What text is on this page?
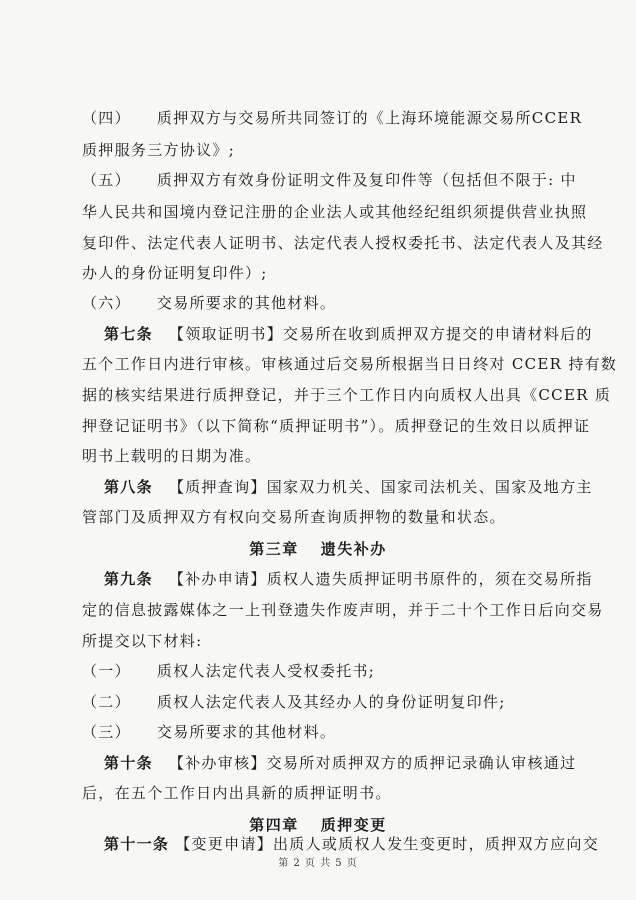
（四） 质押双方与交易所共同签订的《上海环境能源交易所CCER
质押服务三方协议》;
（五） 质押双方有效身份证明文件及复印件等（包括但不限于: 中
华人民共和国境内登记注册的企业法人或其他经纪组织须提供营业执照
复印件、法定代表人证明书、法定代表人授权委托书、法定代表人及其经
办人的身份证明复印件）;
（六） 交易所要求的其他材料。
第七条 【领取证明书】交易所在收到质押双方提交的申请材料后的
五个工作日内进行审核。审核通过后交易所根据当日日终对 CCER 持有数
据的核实结果进行质押登记，并于三个工作日内向质权人出具《CCER 质
押登记证明书》（以下简称“质押证明书”）。质押登记的生效日以质押证
明书上载明的日期为准。
第八条 【质押查询】国家双力机关、国家司法机关、国家及地方主
管部门及质押双方有权向交易所查询质押物的数量和状态。
第三章 遗失补办
第九条 【补办申请】质权人遗失质押证明书原件的，须在交易所指
定的信息披露媒体之一上刊登遗失作废声明，并于二十个工作日后向交易
所提交以下材料:
（一） 质权人法定代表人受权委托书;
（二） 质权人法定代表人及其经办人的身份证明复印件;
（三） 交易所要求的其他材料。
第十条 【补办审核】交易所对质押双方的质押记录确认审核通过
后，在五个工作日内出具新的质押证明书。
第四章 质押变更
第十一条 【变更申请】出质人或质权人发生变更时，质押双方应向交
第 2 页 共 5 页
